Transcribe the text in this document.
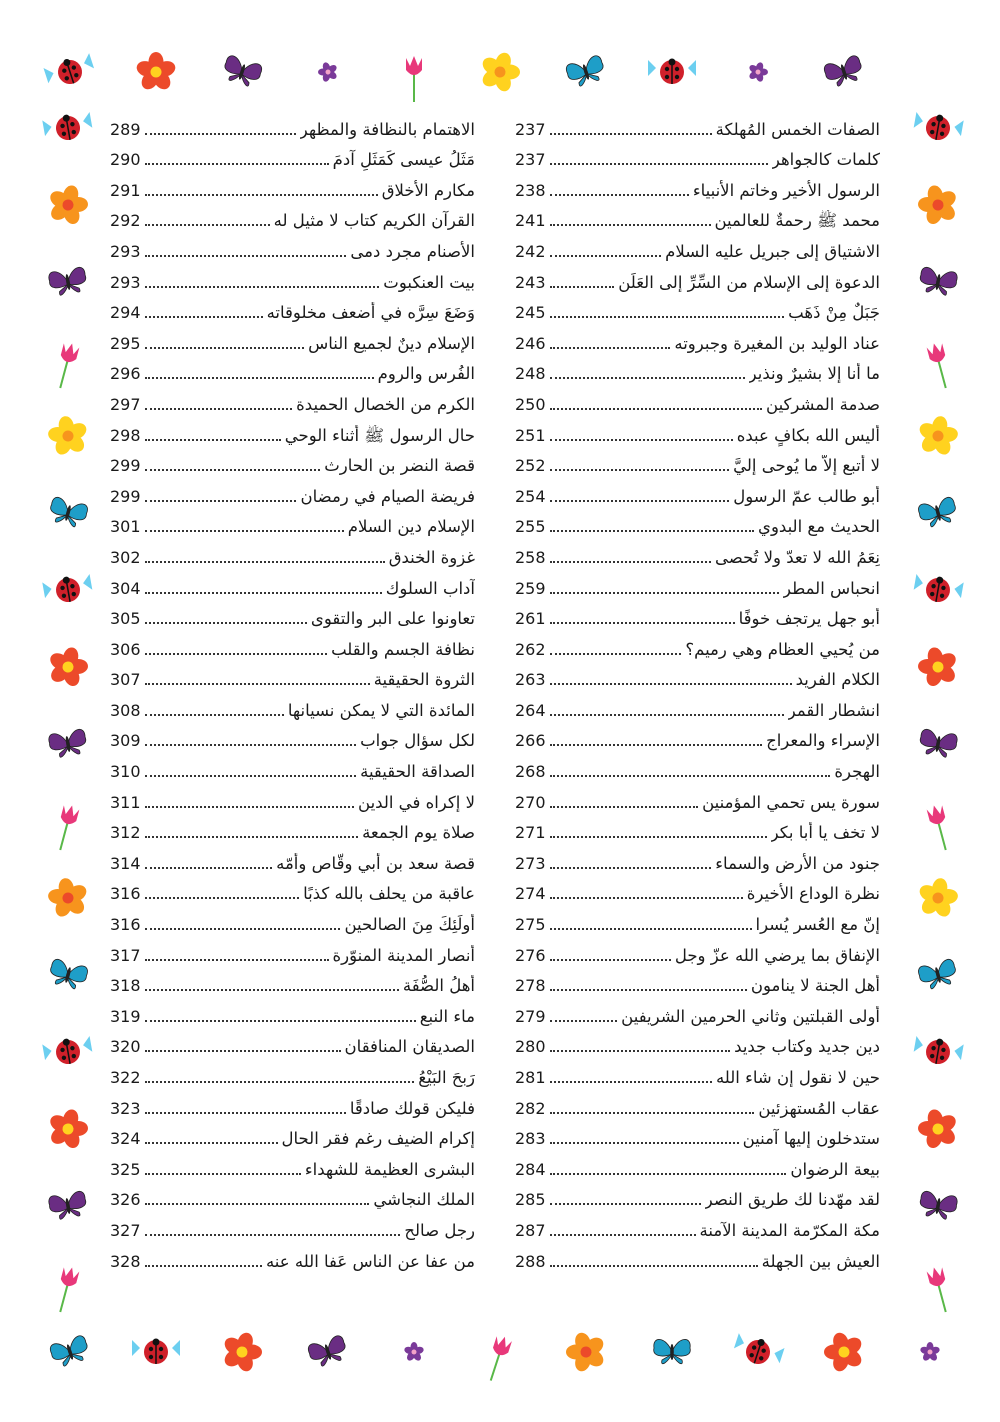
الصفات الخمس المُهلكة
237
كلمات كالجواهر
237
الرسول الأخير وخاتم الأنبياء
238
محمد ﷺ رحمةٌ للعالمين
241
الاشتياق إلى جبريل عليه السلام
242
الدعوة إلى الإسلام من السِّرِّ إلى العَلَن
243
جَبَلٌ مِنْ ذَهَب
245
عناد الوليد بن المغيرة وجبروته
246
ما أنا إلا بشيرٌ ونذير
248
صدمة المشركين
250
أليس الله بكافٍ عبده
251
لا أتبع إلاّ ما يُوحى إليَّ
252
أبو طالب عمّ الرسول
254
الحديث مع البدوي
255
نِعَمُ الله لا تعدّ ولا تُحصى
258
انحباس المطر
259
أبو جهل يرتجف خوفًا
261
من يُحيي العظام وهي رميم؟
262
الكلام الفريد
263
انشطار القمر
264
الإسراء والمعراج
266
الهجرة
268
سورة يس تحمي المؤمنين
270
لا تخف يا أبا بكر
271
جنود من الأرض والسماء
273
نظرة الوداع الأخيرة
274
إنّ مع العُسر يُسرا
275
الإنفاق بما يرضي الله عزّ وجل
276
أهل الجنة لا ينامون
278
أولى القبلتين وثاني الحرمين الشريفين
279
دين جديد وكتاب جديد
280
حين لا نقول إن شاء الله
281
عقاب المُستهزئين
282
ستدخلون إليها آمنين
283
بيعة الرضوان
284
لقد مهّدنا لك طريق النصر
285
مكة المكرّمة المدينة الآمنة
287
العيش بين الجهلة
288
الاهتمام بالنظافة والمظهر
289
مَثَلُ عيسى كَمَثَلِ آدمَ
290
مكارم الأخلاق
291
القرآن الكريم كتاب لا مثيل له
292
الأصنام مجرد دمى
293
بيت العنكبوت
293
وَضَعَ سِرَّه في أضعف مخلوقاته
294
الإسلام دينٌ لجميع الناس
295
الفُرس والروم
296
الكرم من الخصال الحميدة
297
حال الرسول ﷺ أثناء الوحي
298
قصة النضر بن الحارث
299
فريضة الصيام في رمضان
299
الإسلام دين السلام
301
غزوة الخندق
302
آداب السلوك
304
تعاونوا على البر والتقوى
305
نظافة الجسم والقلب
306
الثروة الحقيقية
307
المائدة التي لا يمكن نسيانها
308
لكل سؤال جواب
309
الصداقة الحقيقية
310
لا إكراه في الدين
311
صلاة يوم الجمعة
312
قصة سعد بن أبي وقّاص وأمّه
314
عاقبة من يحلف بالله كذبًا
316
أُولَئِكَ مِنَ الصالحين
316
أنصار المدينة المنوّرة
317
أهلُ الصُّفَة
318
ماء النبع
319
الصديقان المنافقان
320
رَبحَ البَيْعُ
322
فليكن قولك صادقًا
323
إكرام الضيف رغم فقر الحال
324
البشرى العظيمة للشهداء
325
الملك النجاشي
326
رجل صالح
327
من عفا عن الناس عَفا الله عنه
328
